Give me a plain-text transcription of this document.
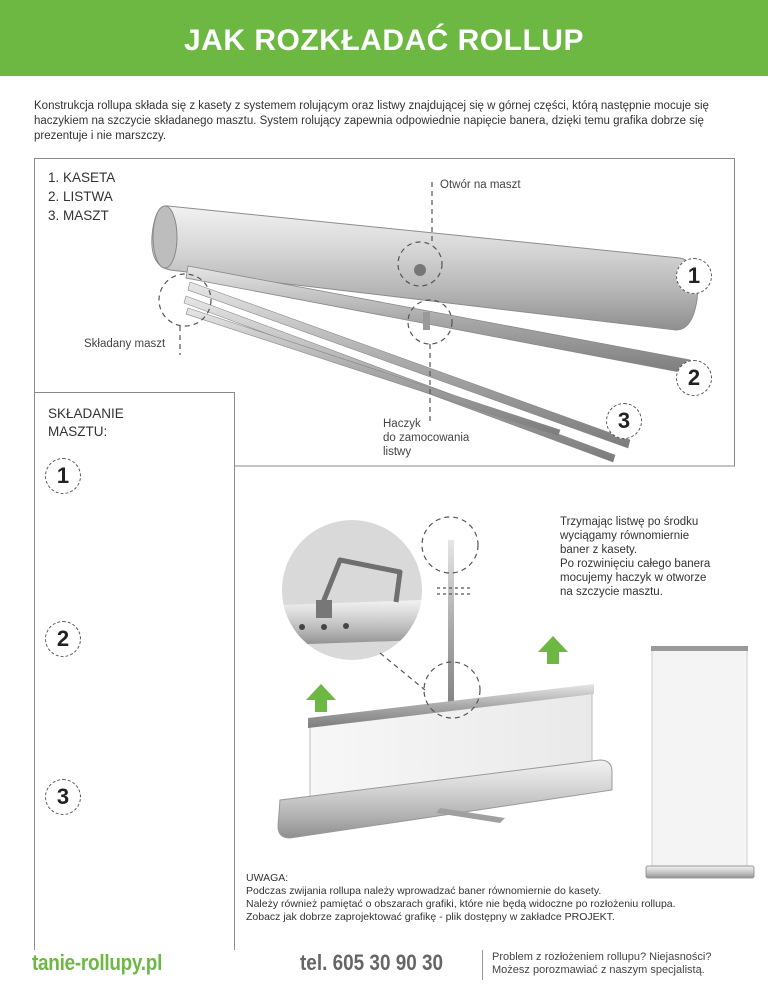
JAK ROZKŁADAĆ ROLLUP
Konstrukcja rollupa składa się z kasety z systemem rolującym oraz listwy znajdującej się w górnej części, którą następnie mocuje się haczykiem na szczycie składanego masztu. System rolujący zapewnia odpowiednie napięcie banera, dzięki temu grafika dobrze się prezentuje i nie marszczy.
1. KASETA
2. LISTWA
3. MASZT
Otwór na maszt
Składany maszt
1
2
3
SKŁADANIE
MASZTU:	Haczyk
do zamocowania
listwy
1
2
3
Trzymając listwę po środku
wyciągamy równomiernie
baner z kasety.
Po rozwinięciu całego banera
mocujemy haczyk w otworze
na szczycie masztu.
UWAGA:
Podczas zwijania rollupa należy wprowadzać baner równomiernie do kasety.
Należy również pamiętać o obszarach grafiki, które nie będą widoczne po rozłożeniu rollupa.
Zobacz jak dobrze zaprojektować grafikę - plik dostępny w zakładce PROJEKT.
tanie-rollupy.pl	tel. 605 30 90 30	Problem z rozłożeniem rollupu? Niejasności?
Możesz porozmawiać z naszym specjalistą.
